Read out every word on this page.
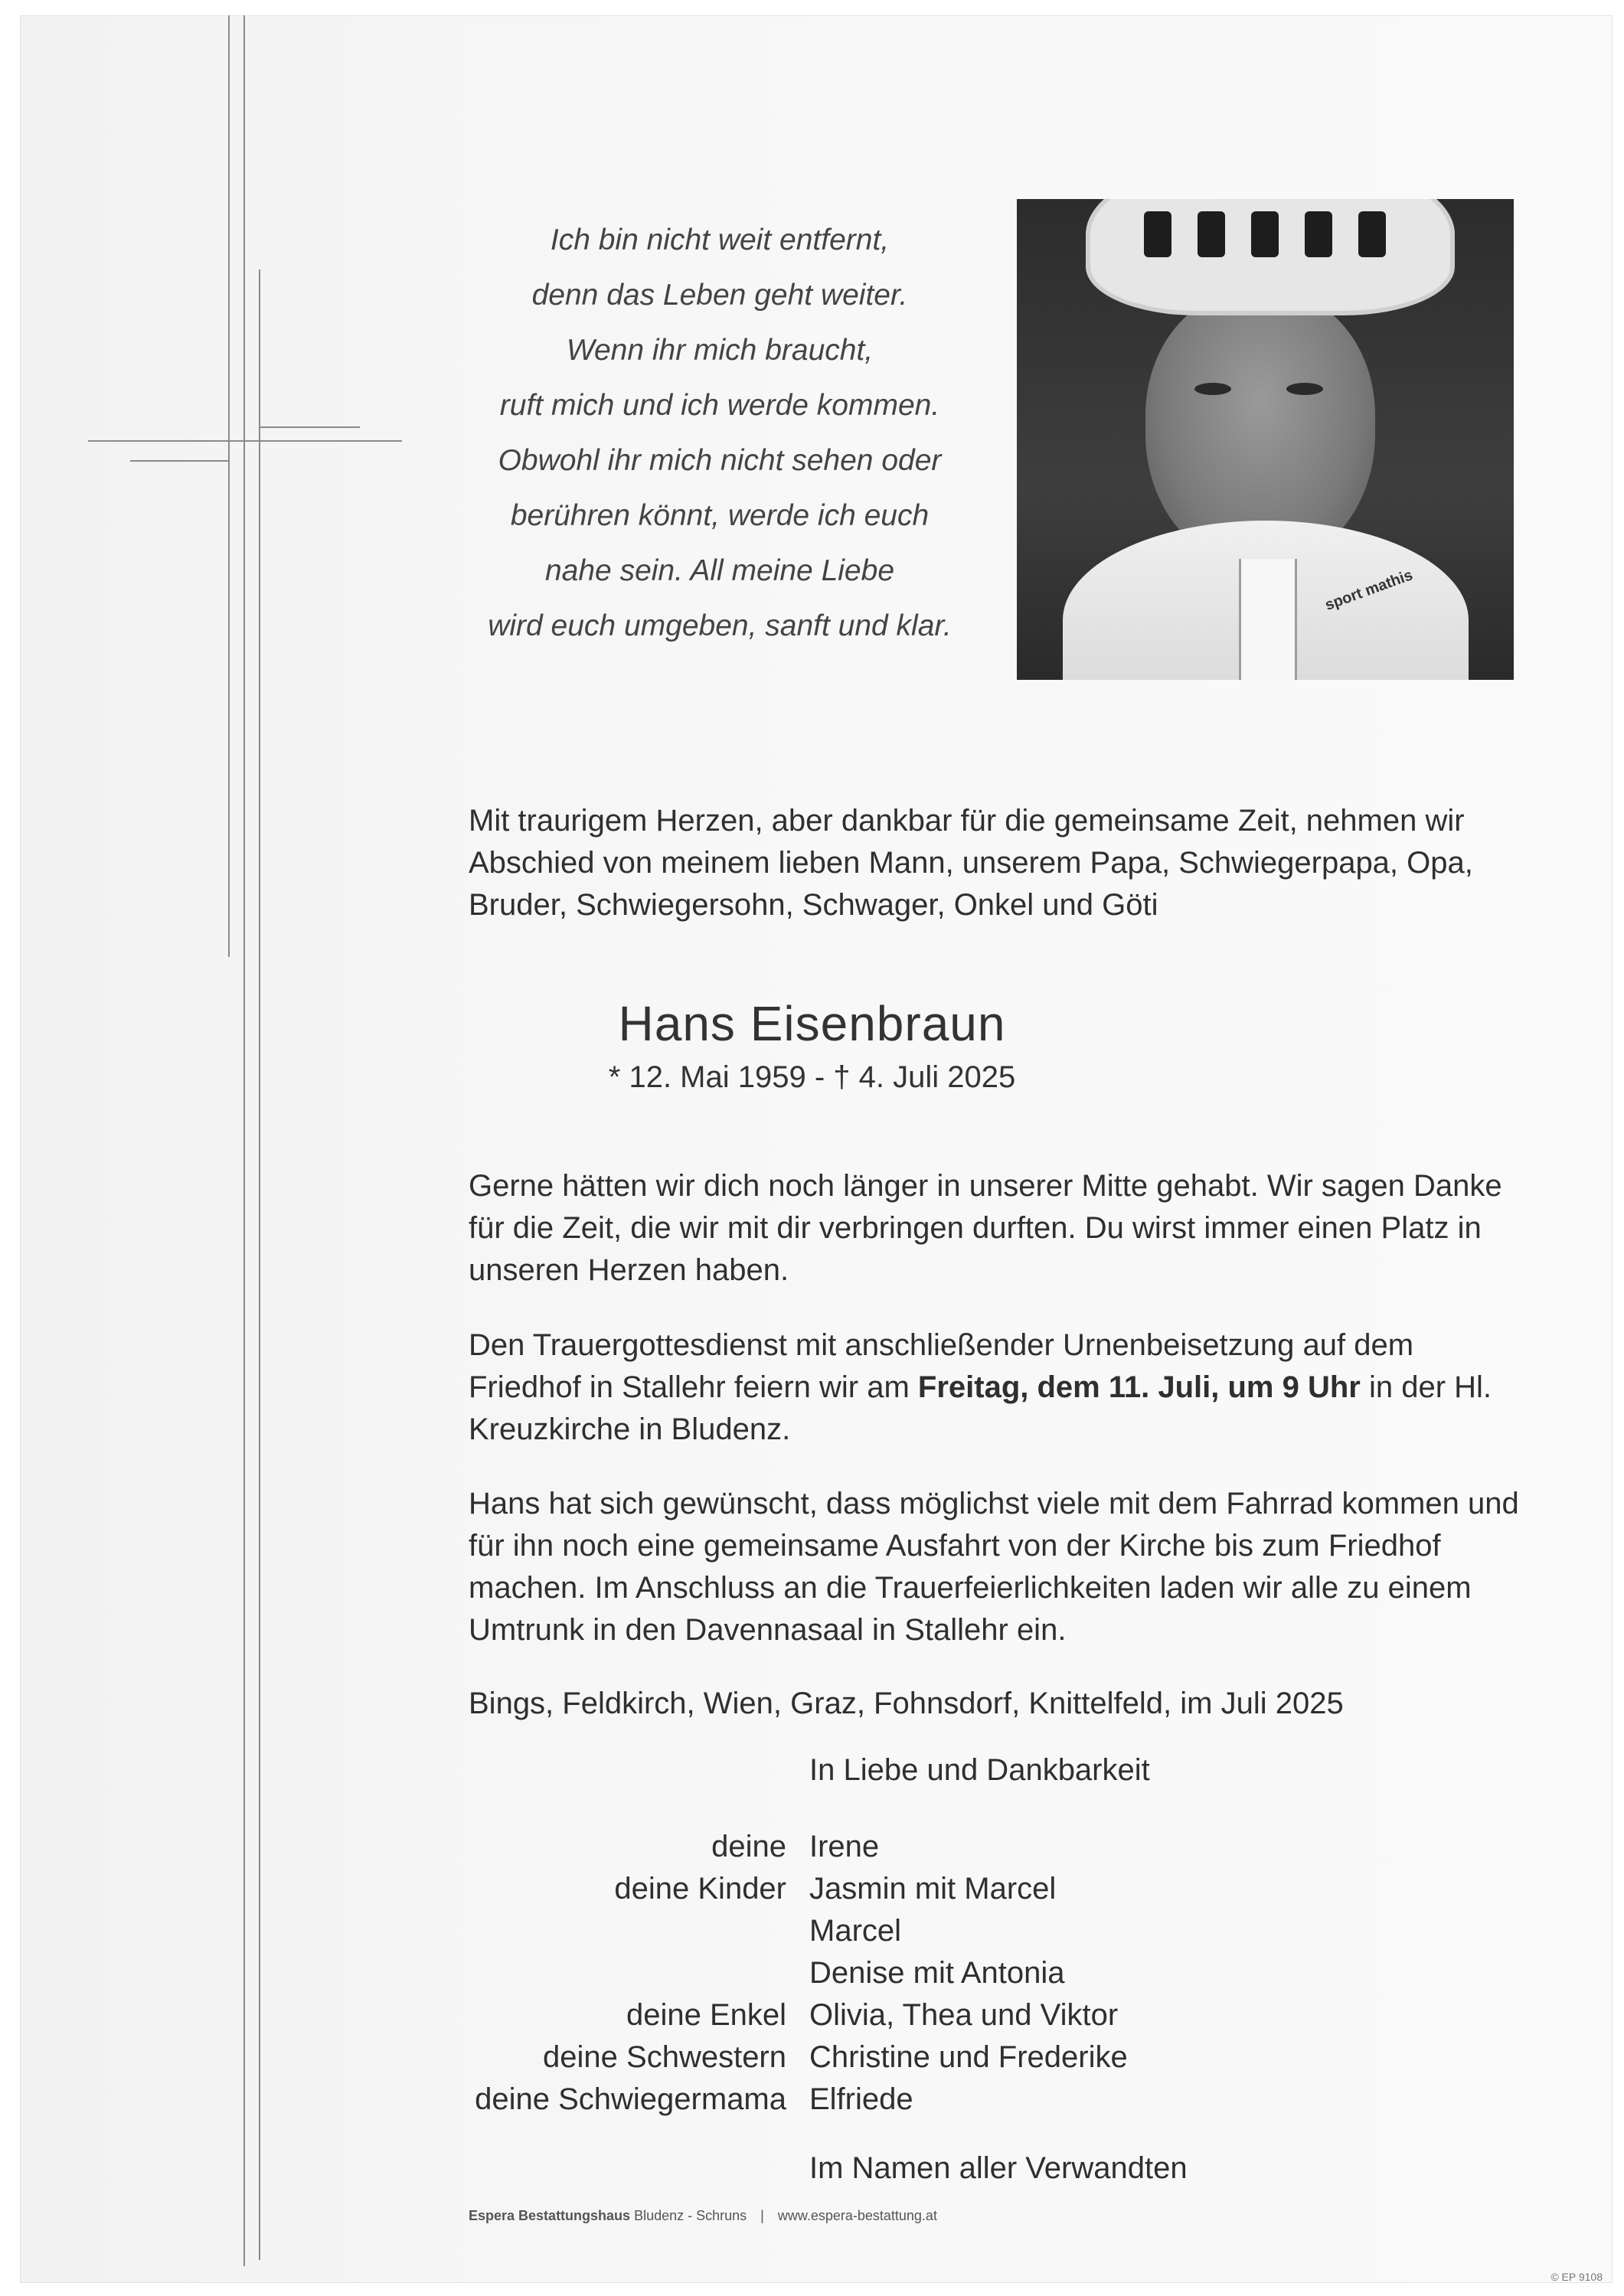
Ich bin nicht weit entfernt,
denn das Leben geht weiter.
Wenn ihr mich braucht,
ruft mich und ich werde kommen.
Obwohl ihr mich nicht sehen oder
berühren könnt, werde ich euch
nahe sein. All meine Liebe
wird euch umgeben, sanft und klar.
sport mathis
Mit traurigem Herzen, aber dankbar für die gemeinsame Zeit, nehmen wir Abschied von meinem lieben Mann, unserem Papa, Schwiegerpapa, Opa, Bruder, Schwiegersohn, Schwager, Onkel und Göti
Hans Eisenbraun
* 12. Mai 1959 - † 4. Juli 2025
Gerne hätten wir dich noch länger in unserer Mitte gehabt. Wir sagen Danke für die Zeit, die wir mit dir verbringen durften. Du wirst immer einen Platz in unseren Herzen haben.
Den Trauergottesdienst mit anschließender Urnenbeisetzung auf dem Friedhof in Stallehr feiern wir am Freitag, dem 11. Juli, um 9 Uhr in der Hl. Kreuzkirche in Bludenz.
Hans hat sich gewünscht, dass möglichst viele mit dem Fahrrad kommen und für ihn noch eine gemeinsame Ausfahrt von der Kirche bis zum Friedhof machen. Im Anschluss an die Trauerfeierlichkeiten laden wir alle zu einem Umtrunk in den Davennasaal in Stallehr ein.
Bings, Feldkirch, Wien, Graz, Fohnsdorf, Knittelfeld, im Juli 2025
In Liebe und Dankbarkeit
deine Irene
deine Kinder Jasmin mit Marcel
Marcel
Denise mit Antonia
deine Enkel Olivia, Thea und Viktor
deine Schwestern Christine und Frederike
deine Schwiegermama Elfriede
Im Namen aller Verwandten
Espera Bestattungshaus Bludenz - Schruns | www.espera-bestattung.at
© EP 9108
